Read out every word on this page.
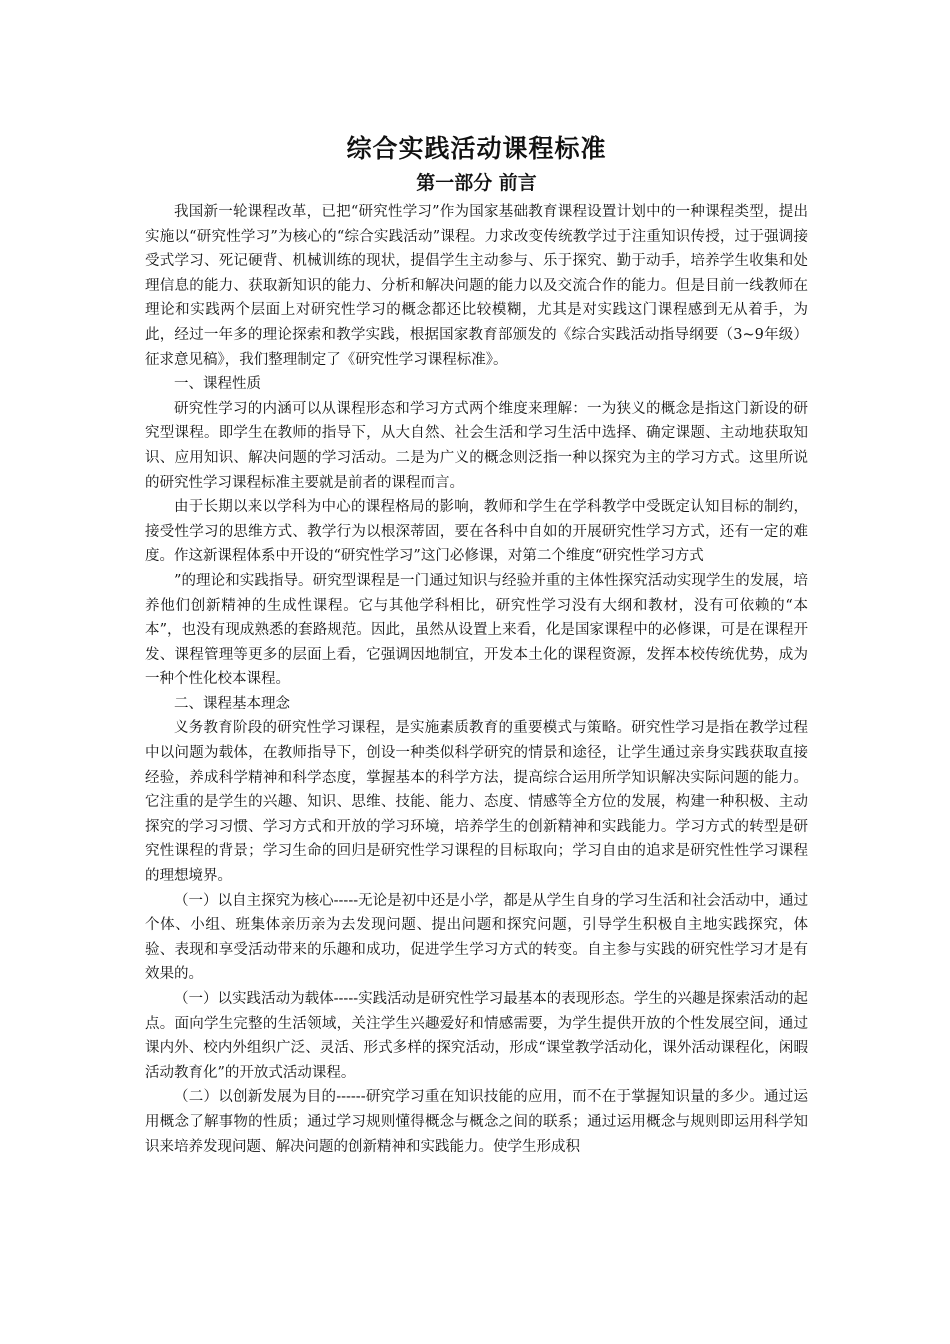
综合实践活动课程标准
第一部分 前言

我国新一轮课程改革，已把“研究性学习”作为国家基础教育课程设置计划中的一种课程类型，提出实施以“研究性学习”为核心的“综合实践活动”课程。力求改变传统教学过于注重知识传授，过于强调接受式学习、死记硬背、机械训练的现状，提倡学生主动参与、乐于探究、勤于动手，培养学生收集和处理信息的能力、获取新知识的能力、分析和解决问题的能力以及交流合作的能力。但是目前一线教师在理论和实践两个层面上对研究性学习的概念都还比较模糊，尤其是对实践这门课程感到无从着手，为此，经过一年多的理论探索和教学实践，根据国家教育部颁发的《综合实践活动指导纲要（3~9年级）征求意见稿》，我们整理制定了《研究性学习课程标准》。

一、课程性质

研究性学习的内涵可以从课程形态和学习方式两个维度来理解：一为狭义的概念是指这门新设的研究型课程。即学生在教师的指导下，从大自然、社会生活和学习生活中选择、确定课题、主动地获取知识、应用知识、解决问题的学习活动。二是为广义的概念则泛指一种以探究为主的学习方式。这里所说的研究性学习课程标准主要就是前者的课程而言。

由于长期以来以学科为中心的课程格局的影响，教师和学生在学科教学中受既定认知目标的制约，接受性学习的思维方式、教学行为以根深蒂固，要在各科中自如的开展研究性学习方式，还有一定的难度。作这新课程体系中开设的“研究性学习”这门必修课，对第二个维度“研究性学习方式

”的理论和实践指导。研究型课程是一门通过知识与经验并重的主体性探究活动实现学生的发展，培养他们创新精神的生成性课程。它与其他学科相比，研究性学习没有大纲和教材，没有可依赖的“本本”，也没有现成熟悉的套路规范。因此，虽然从设置上来看，化是国家课程中的必修课，可是在课程开发、课程管理等更多的层面上看，它强调因地制宜，开发本土化的课程资源，发挥本校传统优势，成为一种个性化校本课程。

二、课程基本理念

义务教育阶段的研究性学习课程，是实施素质教育的重要模式与策略。研究性学习是指在教学过程中以问题为载体，在教师指导下，创设一种类似科学研究的情景和途径，让学生通过亲身实践获取直接经验，养成科学精神和科学态度，掌握基本的科学方法，提高综合运用所学知识解决实际问题的能力。它注重的是学生的兴趣、知识、思维、技能、能力、态度、情感等全方位的发展，构建一种积极、主动探究的学习习惯、学习方式和开放的学习环境，培养学生的创新精神和实践能力。学习方式的转型是研究性课程的背景；学习生命的回归是研究性学习课程的目标取向；学习自由的追求是研究性性学习课程的理想境界。

（一）以自主探究为核心-----无论是初中还是小学，都是从学生自身的学习生活和社会活动中，通过个体、小组、班集体亲历亲为去发现问题、提出问题和探究问题，引导学生积极自主地实践探究，体验、表现和享受活动带来的乐趣和成功，促进学生学习方式的转变。自主参与实践的研究性学习才是有效果的。

（一）以实践活动为载体-----实践活动是研究性学习最基本的表现形态。学生的兴趣是探索活动的起点。面向学生完整的生活领域，关注学生兴趣爱好和情感需要，为学生提供开放的个性发展空间，通过课内外、校内外组织广泛、灵活、形式多样的探究活动，形成“课堂教学活动化，课外活动课程化，闲暇活动教育化”的开放式活动课程。

（二）以创新发展为目的------研究学习重在知识技能的应用，而不在于掌握知识量的多少。通过运用概念了解事物的性质；通过学习规则懂得概念与概念之间的联系；通过运用概念与规则即运用科学知识来培养发现问题、解决问题的创新精神和实践能力。使学生形成积
